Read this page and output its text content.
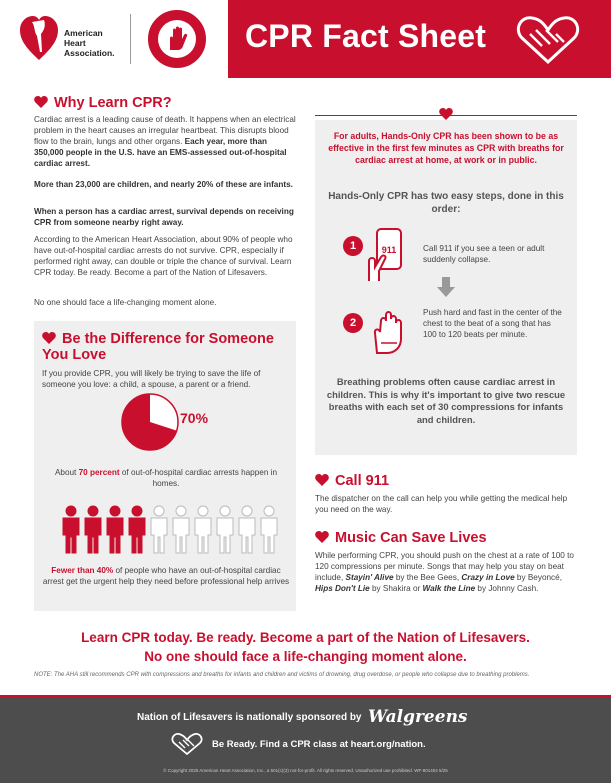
American Heart Association.	CPR Fact Sheet
Why Learn CPR?
Cardiac arrest is a leading cause of death. It happens when an electrical problem in the heart causes an irregular heartbeat. This disrupts blood flow to the brain, lungs and other organs. Each year, more than 350,000 people in the U.S. have an EMS-assessed out-of-hospital cardiac arrest.
More than 23,000 are children, and nearly 20% of these are infants.
When a person has a cardiac arrest, survival depends on receiving CPR from someone nearby right away.
According to the American Heart Association, about 90% of people who have out-of-hospital cardiac arrests do not survive. CPR, especially if performed right away, can double or triple the chance of survival. Learn CPR today. Be ready. Become a part of the Nation of Lifesavers.
No one should face a life-changing moment alone.
Be the Difference for Someone You Love
If you provide CPR, you will likely be trying to save the life of someone you love: a child, a spouse, a parent or a friend.
70%
About 70 percent of out-of-hospital cardiac arrests happen in homes.
Fewer than 40% of people who have an out-of-hospital cardiac arrest get the urgent help they need before professional help arrives
For adults, Hands-Only CPR has been shown to be as effective in the first few minutes as CPR with breaths for cardiac arrest at home, at work or in public.
Hands-Only CPR has two easy steps, done in this order:
1	911	Call 911 if you see a teen or adult suddenly collapse.
2
Push hard and fast in the center of the chest to the beat of a song that has 100 to 120 beats per minute.
Breathing problems often cause cardiac arrest in children. This is why it's important to give two rescue breaths with each set of 30 compressions for infants and children.
Call 911
The dispatcher on the call can help you while getting the medical help you need on the way.
Music Can Save Lives
While performing CPR, you should push on the chest at a rate of 100 to 120 compressions per minute. Songs that may help you stay on beat include, Stayin' Alive by the Bee Gees, Crazy in Love by Beyoncé, Hips Don't Lie by Shakira or Walk the Line by Johnny Cash.
Learn CPR today. Be ready. Become a part of the Nation of Lifesavers.
No one should face a life-changing moment alone.
NOTE: The AHA still recommends CPR with compressions and breaths for infants and children and victims of drowning, drug overdose, or people who collapse due to breathing problems.
Nation of Lifesavers is nationally sponsored by Walgreens
Be Ready. Find a CPR class at heart.org/nation.
© Copyright 2025 American Heart Association, Inc., a 501(c)(3) not-for-profit. All rights reserved. Unauthorized use prohibited. WF-801404 5/25
